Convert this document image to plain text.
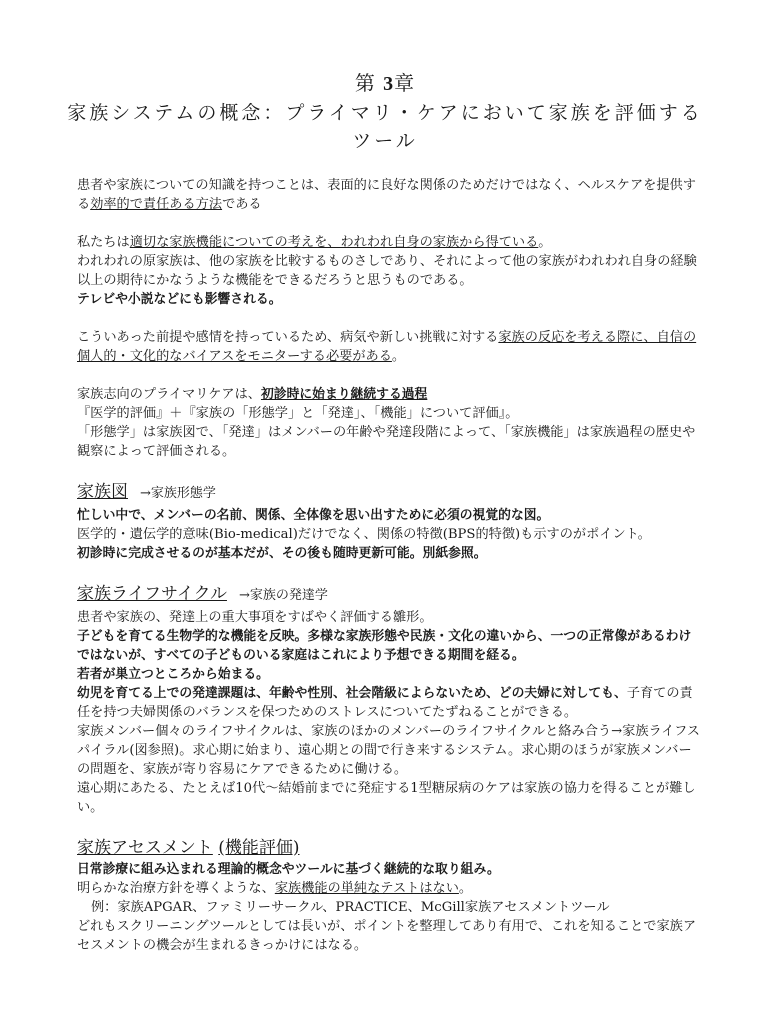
第 3章
家族システムの概念：プライマリ・ケアにおいて家族を評価するツール

患者や家族についての知識を持つことは、表面的に良好な関係のためだけではなく、ヘルスケアを提供する効率的で責任ある方法である

私たちは適切な家族機能についての考えを、われわれ自身の家族から得ている。

われわれの原家族は、他の家族を比較するものさしであり、それによって他の家族がわれわれ自身の経験以上の期待にかなうような機能をできるだろうと思うものである。

テレビや小説などにも影響される。

こういあった前提や感情を持っているため、病気や新しい挑戦に対する家族の反応を考える際に、自信の個人的・文化的なバイアスをモニターする必要がある。

家族志向のプライマリケアは、初診時に始まり継続する過程

『医学的評価』＋『家族の「形態学」と「発達」、「機能」について評価』。

「形態学」は家族図で、「発達」はメンバーの年齢や発達段階によって、「家族機能」は家族過程の歴史や観察によって評価される。

家族図 →家族形態学

忙しい中で、メンバーの名前、関係、全体像を思い出すために必須の視覚的な図。

医学的・遺伝学的意味(Bio-medical)だけでなく、関係の特徴(BPS的特徴)も示すのがポイント。

初診時に完成させるのが基本だが、その後も随時更新可能。別紙参照。

家族ライフサイクル →家族の発達学

患者や家族の、発達上の重大事項をすばやく評価する雛形。

子どもを育てる生物学的な機能を反映。多様な家族形態や民族・文化の違いから、一つの正常像があるわけではないが、すべての子どものいる家庭はこれにより予想できる期間を経る。

若者が巣立つところから始まる。

幼児を育てる上での発達課題は、年齢や性別、社会階級によらないため、どの夫婦に対しても、子育ての責任を持つ夫婦関係のバランスを保つためのストレスについてたずねることができる。

家族メンバー個々のライフサイクルは、家族のほかのメンバーのライフサイクルと絡み合う→家族ライフスパイラル(図参照)。求心期に始まり、遠心期との間で行き来するシステム。求心期のほうが家族メンバーの問題を、家族が寄り容易にケアできるために働ける。

遠心期にあたる、たとえば10代～結婚前までに発症する1型糖尿病のケアは家族の協力を得ることが難しい。

家族アセスメント (機能評価)

日常診療に組み込まれる理論的概念やツールに基づく継続的な取り組み。

明らかな治療方針を導くような、家族機能の単純なテストはない。

例：家族APGAR、ファミリーサークル、PRACTICE、McGill家族アセスメントツール

どれもスクリーニングツールとしては長いが、ポイントを整理してあり有用で、これを知ることで家族アセスメントの機会が生まれるきっかけにはなる。
